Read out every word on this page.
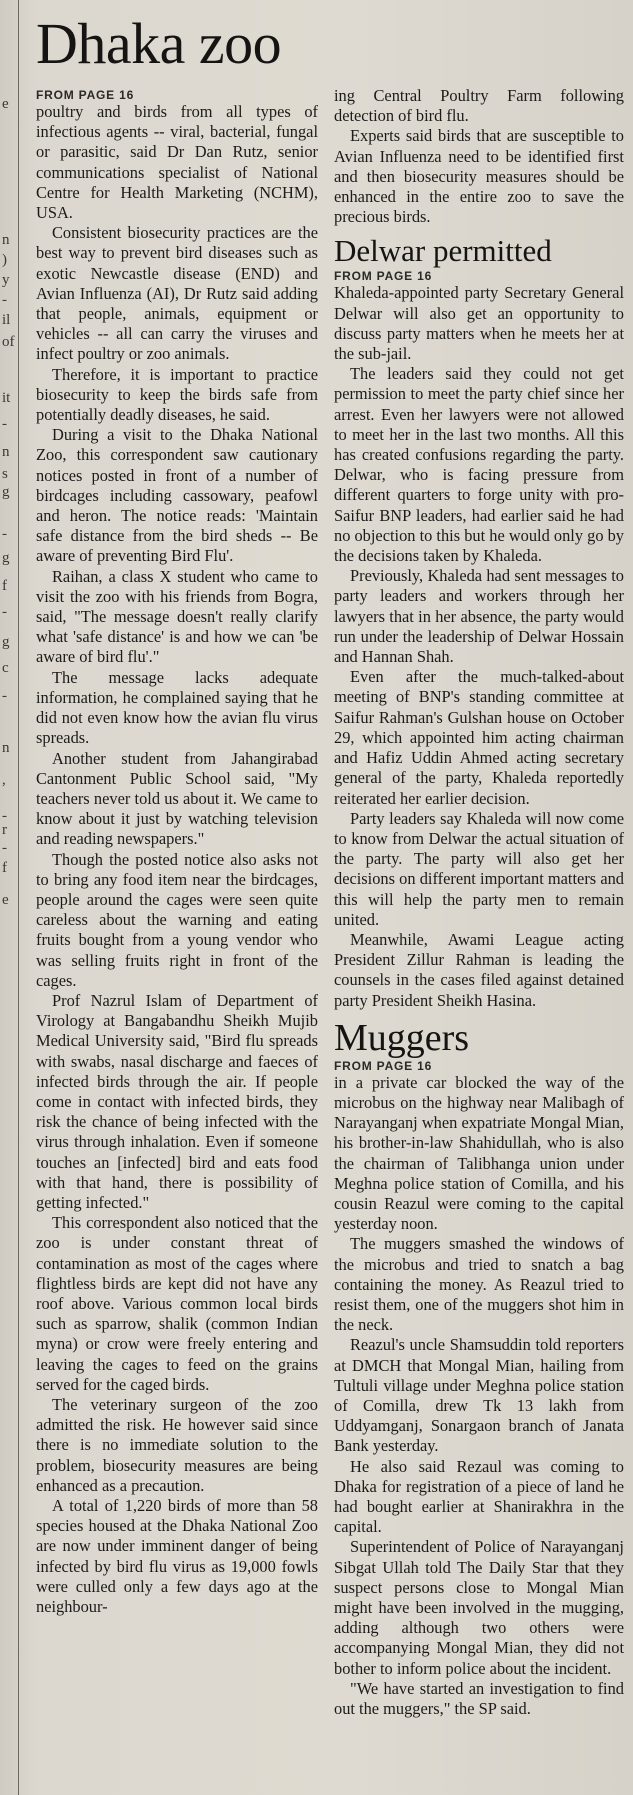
e
n
)
y
-
il
of
it
-
n
s
g
-
g
f
-
g
c
-
n
,
-
r
-
f
e
Dhaka zoo
FROM PAGE 16

poultry and birds from all types of infectious agents -- viral, bacterial, fungal or parasitic, said Dr Dan Rutz, senior communications specialist of National Centre for Health Marketing (NCHM), USA.

Consistent biosecurity practices are the best way to prevent bird diseases such as exotic Newcastle disease (END) and Avian Influenza (AI), Dr Rutz said adding that people, animals, equipment or vehicles -- all can carry the viruses and infect poultry or zoo animals.

Therefore, it is important to practice biosecurity to keep the birds safe from potentially deadly diseases, he said.

During a visit to the Dhaka National Zoo, this correspondent saw cautionary notices posted in front of a number of birdcages including cassowary, peafowl and heron. The notice reads: 'Maintain safe distance from the bird sheds -- Be aware of preventing Bird Flu'.

Raihan, a class X student who came to visit the zoo with his friends from Bogra, said, "The message doesn't really clarify what 'safe distance' is and how we can 'be aware of bird flu'."

The message lacks adequate information, he complained saying that he did not even know how the avian flu virus spreads.

Another student from Jahangirabad Cantonment Public School said, "My teachers never told us about it. We came to know about it just by watching television and reading newspapers."

Though the posted notice also asks not to bring any food item near the birdcages, people around the cages were seen quite careless about the warning and eating fruits bought from a young vendor who was selling fruits right in front of the cages.

Prof Nazrul Islam of Department of Virology at Bangabandhu Sheikh Mujib Medical University said, "Bird flu spreads with swabs, nasal discharge and faeces of infected birds through the air. If people come in contact with infected birds, they risk the chance of being infected with the virus through inhalation. Even if someone touches an [infected] bird and eats food with that hand, there is possibility of getting infected."

This correspondent also noticed that the zoo is under constant threat of contamination as most of the cages where flightless birds are kept did not have any roof above. Various common local birds such as sparrow, shalik (common Indian myna) or crow were freely entering and leaving the cages to feed on the grains served for the caged birds.

The veterinary surgeon of the zoo admitted the risk. He however said since there is no immediate solution to the problem, biosecurity measures are being enhanced as a precaution.

A total of 1,220 birds of more than 58 species housed at the Dhaka National Zoo are now under imminent danger of being infected by bird flu virus as 19,000 fowls were culled only a few days ago at the neighbour-

ing Central Poultry Farm following detection of bird flu.

Experts said birds that are susceptible to Avian Influenza need to be identified first and then biosecurity measures should be enhanced in the entire zoo to save the precious birds.

Delwar permitted
FROM PAGE 16

Khaleda-appointed party Secretary General Delwar will also get an opportunity to discuss party matters when he meets her at the sub-jail.

The leaders said they could not get permission to meet the party chief since her arrest. Even her lawyers were not allowed to meet her in the last two months. All this has created confusions regarding the party. Delwar, who is facing pressure from different quarters to forge unity with pro-Saifur BNP leaders, had earlier said he had no objection to this but he would only go by the decisions taken by Khaleda.

Previously, Khaleda had sent messages to party leaders and workers through her lawyers that in her absence, the party would run under the leadership of Delwar Hossain and Hannan Shah.

Even after the much-talked-about meeting of BNP's standing committee at Saifur Rahman's Gulshan house on October 29, which appointed him acting chairman and Hafiz Uddin Ahmed acting secretary general of the party, Khaleda reportedly reiterated her earlier decision.

Party leaders say Khaleda will now come to know from Delwar the actual situation of the party. The party will also get her decisions on different important matters and this will help the party men to remain united.

Meanwhile, Awami League acting President Zillur Rahman is leading the counsels in the cases filed against detained party President Sheikh Hasina.

Muggers
FROM PAGE 16

in a private car blocked the way of the microbus on the highway near Malibagh of Narayanganj when expatriate Mongal Mian, his brother-in-law Shahidullah, who is also the chairman of Talibhanga union under Meghna police station of Comilla, and his cousin Reazul were coming to the capital yesterday noon.

The muggers smashed the windows of the microbus and tried to snatch a bag containing the money. As Reazul tried to resist them, one of the muggers shot him in the neck.

Reazul's uncle Shamsuddin told reporters at DMCH that Mongal Mian, hailing from Tultuli village under Meghna police station of Comilla, drew Tk 13 lakh from Uddyamganj, Sonargaon branch of Janata Bank yesterday.

He also said Rezaul was coming to Dhaka for registration of a piece of land he had bought earlier at Shanirakhra in the capital.

Superintendent of Police of Narayanganj Sibgat Ullah told The Daily Star that they suspect persons close to Mongal Mian might have been involved in the mugging, adding although two others were accompanying Mongal Mian, they did not bother to inform police about the incident.

"We have started an investigation to find out the muggers," the SP said.
